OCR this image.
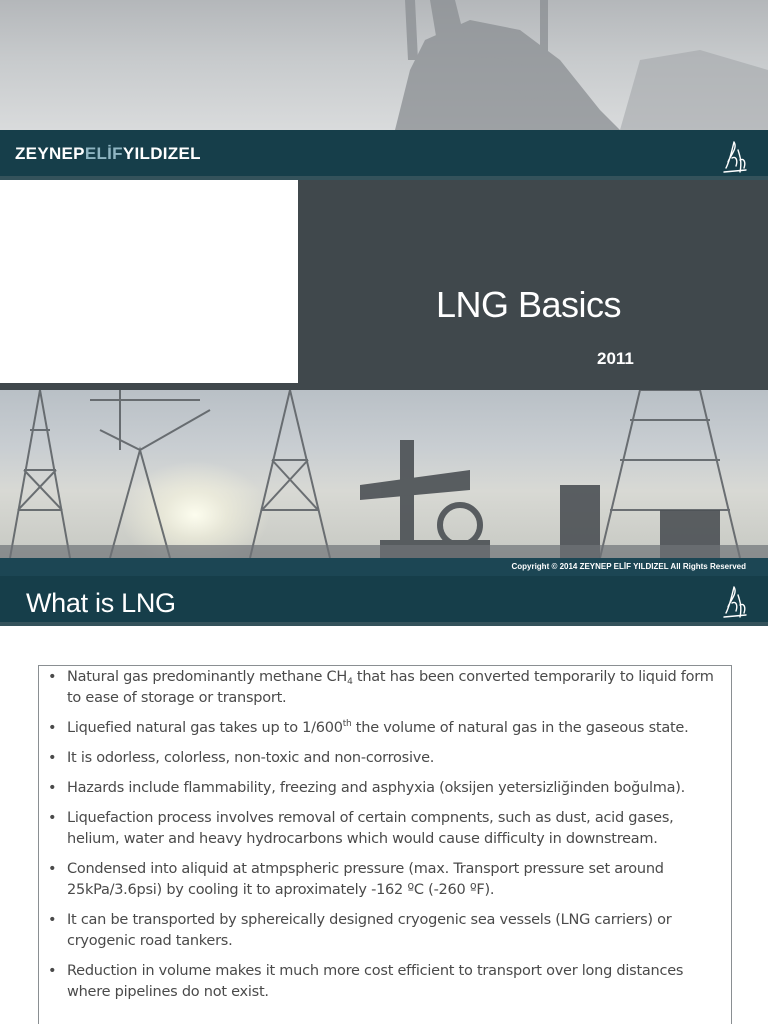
ZEYNEPELİFYILDIZEL
LNG Basics
2011
Copyright © 2014 ZEYNEP ELİF YILDIZEL All Rights Reserved
What is LNG
• Natural gas predominantly methane $CH_4$ that has been converted temporarily to liquid form to ease of storage or transport.
• Liquefied natural gas takes up to 1/600th the volume of natural gas in the gaseous state.
• It is odorless, colorless, non-toxic and non-corrosive.
• Hazards include flammability, freezing and asphyxia (oksijen yetersizliğinden boğulma).
• Liquefaction process involves removal of certain compnents, such as dust, acid gases, helium, water and heavy hydrocarbons which would cause difficulty in downstream.
• Condensed into aliquid at atmpspheric pressure (max. Transport pressure set around 25kPa/3.6psi) by cooling it to aproximately -162 ºC (-260 ºF).
• It can be transported by sphereically designed cryogenic sea vessels (LNG carriers) or cryogenic road tankers.
• Reduction in volume makes it much more cost efficient to transport over long distances where pipelines do not exist.
